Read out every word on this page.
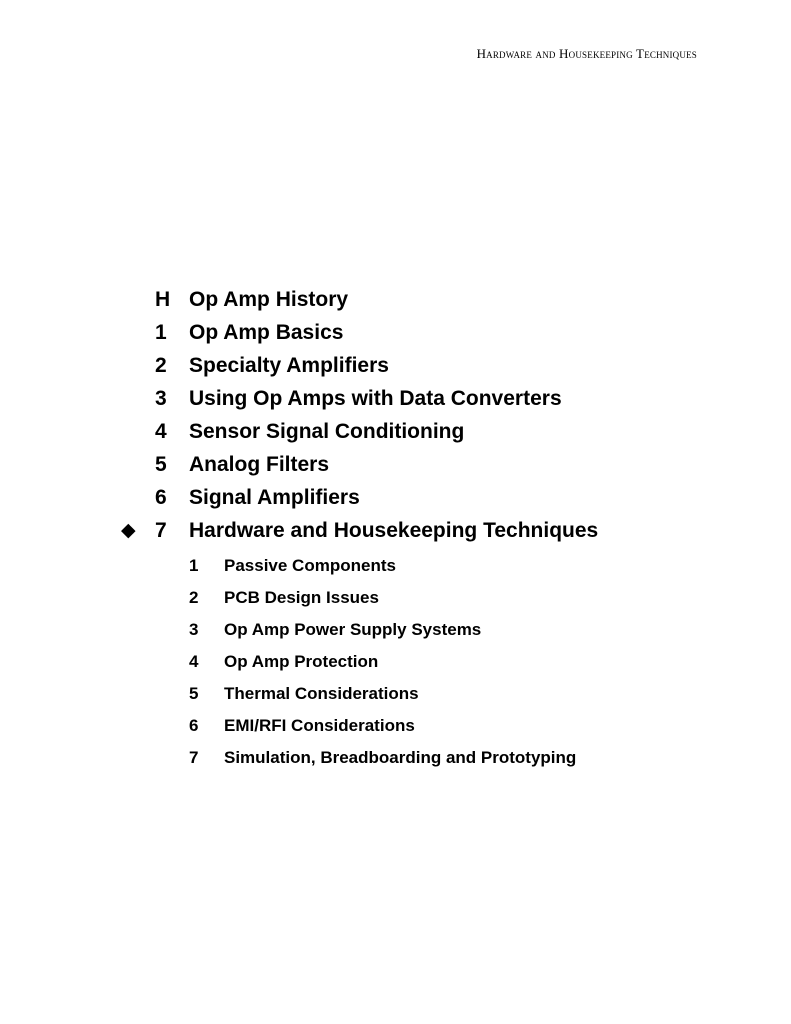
Hardware and Housekeeping Techniques
H Op Amp History
1 Op Amp Basics
2 Specialty Amplifiers
3 Using Op Amps with Data Converters
4 Sensor Signal Conditioning
5 Analog Filters
6 Signal Amplifiers
◆ 7 Hardware and Housekeeping Techniques
1 Passive Components
2 PCB Design Issues
3 Op Amp Power Supply Systems
4 Op Amp Protection
5 Thermal Considerations
6 EMI/RFI Considerations
7 Simulation, Breadboarding and Prototyping
